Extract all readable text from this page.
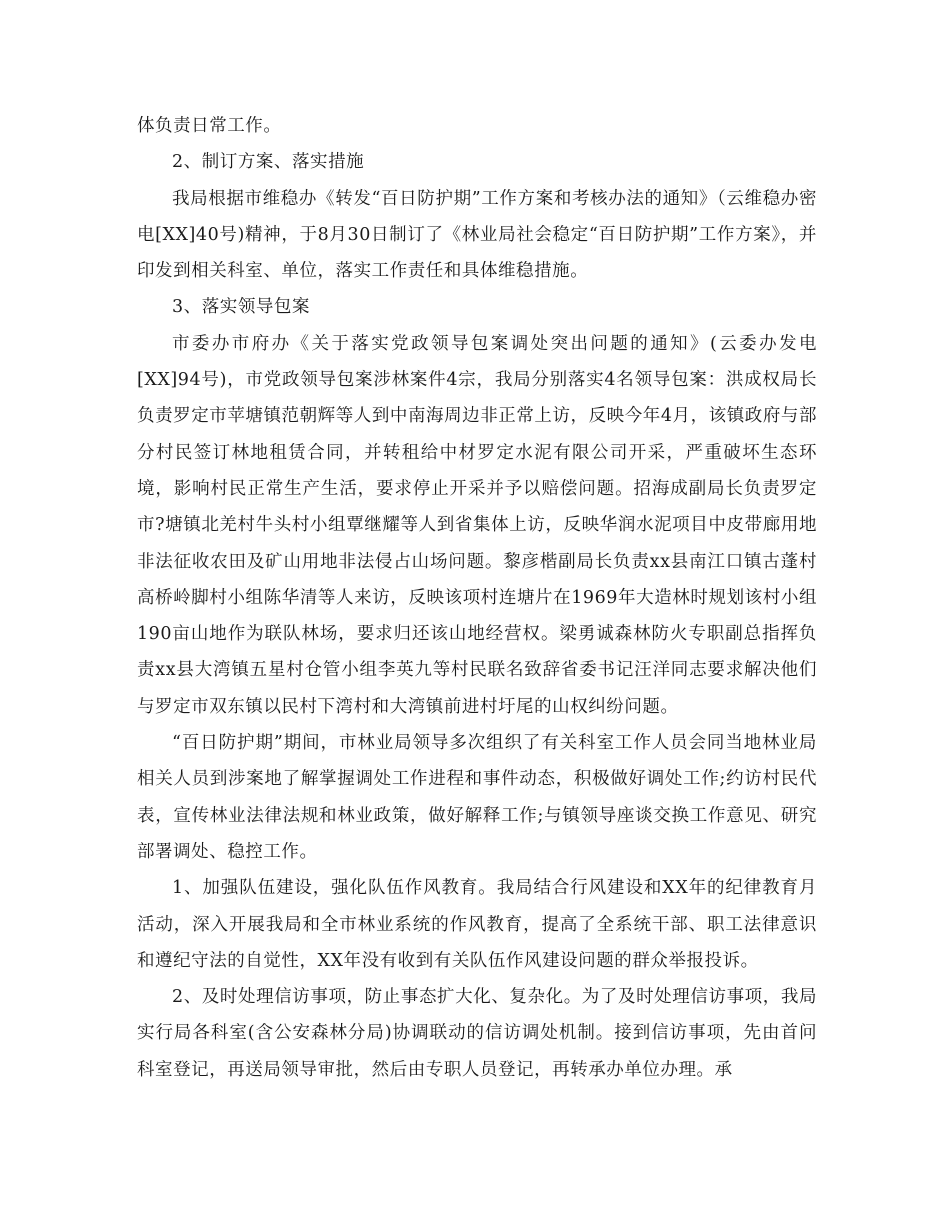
体负责日常工作。

2、制订方案、落实措施

我局根据市维稳办《转发“百日防护期”工作方案和考核办法的通知》（云维稳办密电[XX]40号)精神，于8月30日制订了《林业局社会稳定“百日防护期”工作方案》，并印发到相关科室、单位，落实工作责任和具体维稳措施。

3、落实领导包案

市委办市府办《关于落实党政领导包案调处突出问题的通知》(云委办发电[XX]94号)，市党政领导包案涉林案件4宗，我局分别落实4名领导包案：洪成权局长负责罗定市苹塘镇范朝辉等人到中南海周边非正常上访，反映今年4月，该镇政府与部分村民签订林地租赁合同，并转租给中材罗定水泥有限公司开采，严重破坏生态环境，影响村民正常生产生活，要求停止开采并予以赔偿问题。招海成副局长负责罗定市?塘镇北羌村牛头村小组覃继耀等人到省集体上访，反映华润水泥项目中皮带廊用地非法征收农田及矿山用地非法侵占山场问题。黎彦楷副局长负责xx县南江口镇古蓬村高桥岭脚村小组陈华清等人来访，反映该项村连塘片在1969年大造林时规划该村小组190亩山地作为联队林场，要求归还该山地经营权。梁勇诚森林防火专职副总指挥负责xx县大湾镇五星村仓管小组李英九等村民联名致辞省委书记汪洋同志要求解决他们与罗定市双东镇以民村下湾村和大湾镇前进村圩尾的山权纠纷问题。

“百日防护期”期间，市林业局领导多次组织了有关科室工作人员会同当地林业局相关人员到涉案地了解掌握调处工作进程和事件动态，积极做好调处工作;约访村民代表，宣传林业法律法规和林业政策，做好解释工作;与镇领导座谈交换工作意见、研究部署调处、稳控工作。

1、加强队伍建设，强化队伍作风教育。我局结合行风建设和XX年的纪律教育月活动，深入开展我局和全市林业系统的作风教育，提高了全系统干部、职工法律意识和遵纪守法的自觉性，XX年没有收到有关队伍作风建设问题的群众举报投诉。

2、及时处理信访事项，防止事态扩大化、复杂化。为了及时处理信访事项，我局实行局各科室(含公安森林分局)协调联动的信访调处机制。接到信访事项，先由首问科室登记，再送局领导审批，然后由专职人员登记，再转承办单位办理。承
